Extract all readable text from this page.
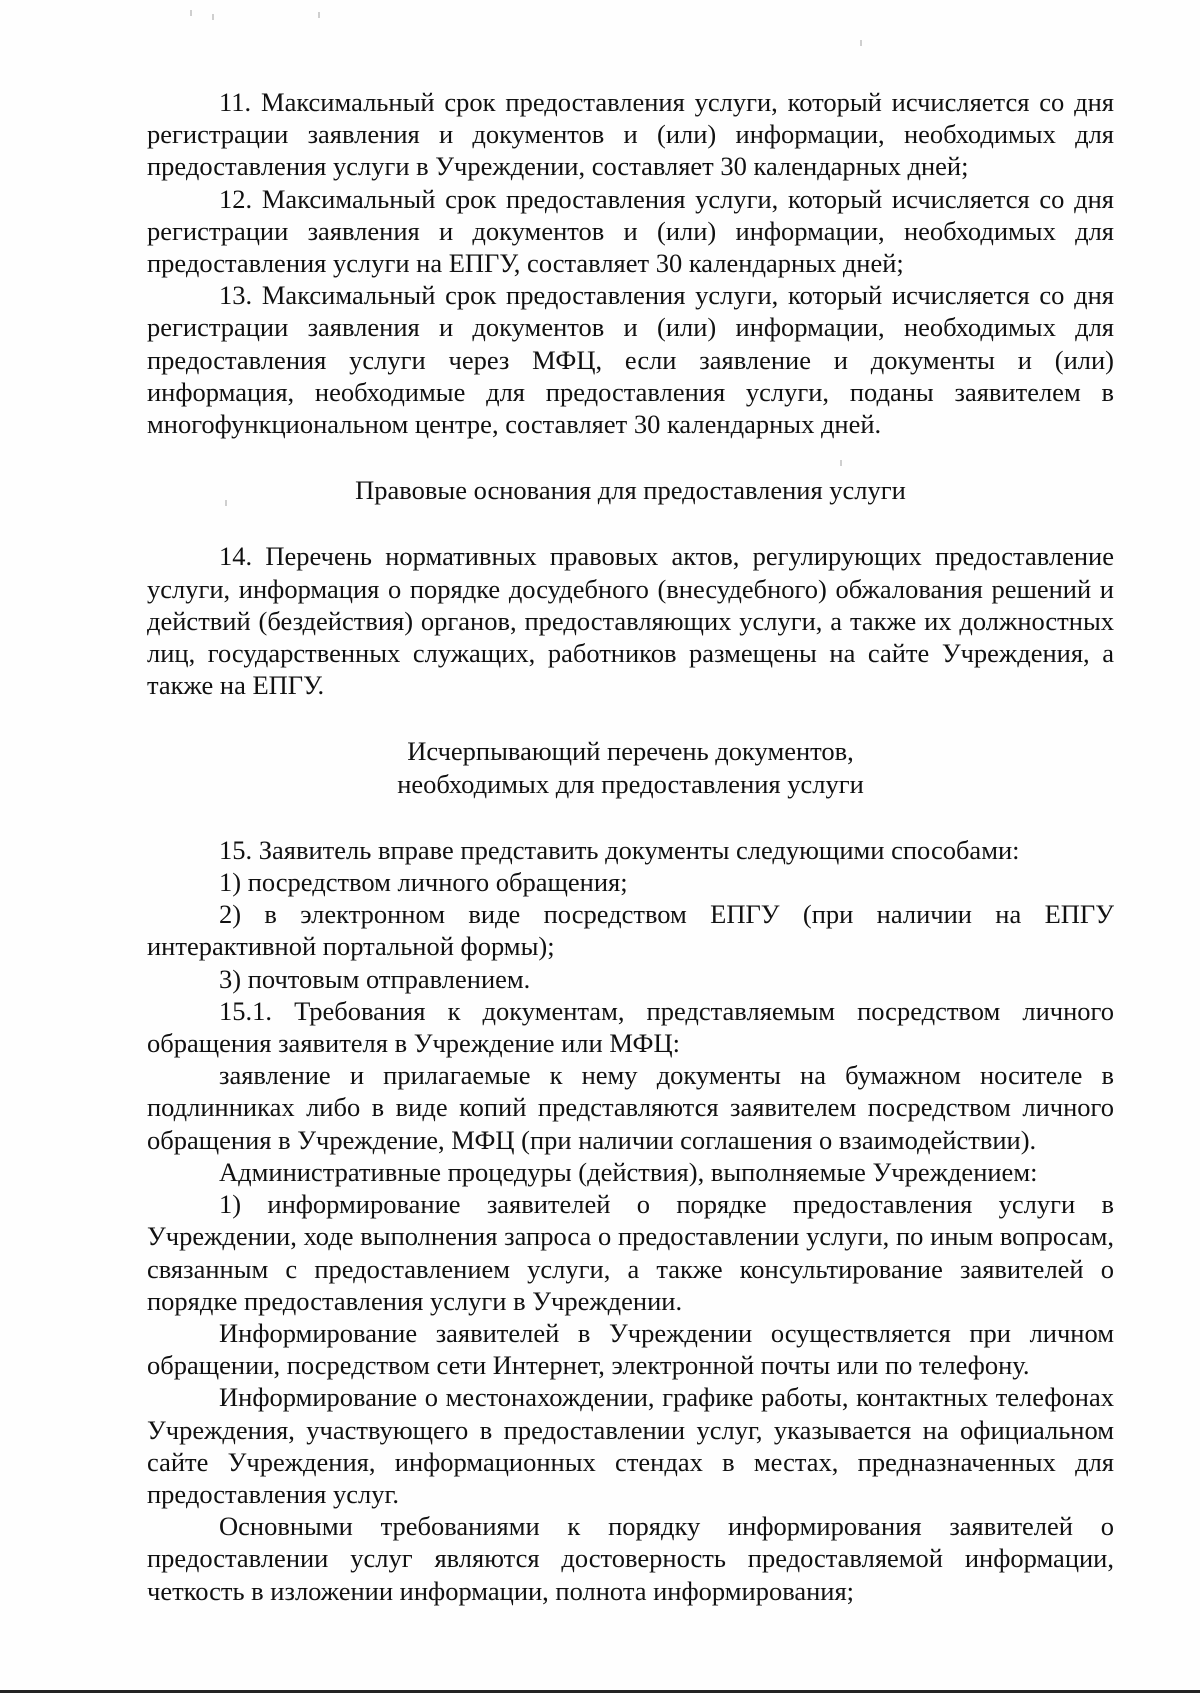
11. Максимальный срок предоставления услуги, который исчисляется со дня регистрации заявления и документов и (или) информации, необходимых для предоставления услуги в Учреждении, составляет 30 календарных дней;

12. Максимальный срок предоставления услуги, который исчисляется со дня регистрации заявления и документов и (или) информации, необходимых для предоставления услуги на ЕПГУ, составляет 30 календарных дней;

13. Максимальный срок предоставления услуги, который исчисляется со дня регистрации заявления и документов и (или) информации, необходимых для предоставления услуги через МФЦ, если заявление и документы и (или) информация, необходимые для предоставления услуги, поданы заявителем в многофункциональном центре, составляет 30 календарных дней.

Правовые основания для предоставления услуги

14. Перечень нормативных правовых актов, регулирующих предоставление услуги, информация о порядке досудебного (внесудебного) обжалования решений и действий (бездействия) органов, предоставляющих услуги, а также их должностных лиц, государственных служащих, работников размещены на сайте Учреждения, а также на ЕПГУ.

Исчерпывающий перечень документов,

необходимых для предоставления услуги

15. Заявитель вправе представить документы следующими способами:

1) посредством личного обращения;

2) в электронном виде посредством ЕПГУ (при наличии на ЕПГУ интерактивной портальной формы);

3) почтовым отправлением.

15.1. Требования к документам, представляемым посредством личного обращения заявителя в Учреждение или МФЦ:

заявление и прилагаемые к нему документы на бумажном носителе в подлинниках либо в виде копий представляются заявителем посредством личного обращения в Учреждение, МФЦ (при наличии соглашения о взаимодействии).

Административные процедуры (действия), выполняемые Учреждением:

1) информирование заявителей о порядке предоставления услуги в Учреждении, ходе выполнения запроса о предоставлении услуги, по иным вопросам, связанным с предоставлением услуги, а также консультирование заявителей о порядке предоставления услуги в Учреждении.

Информирование заявителей в Учреждении осуществляется при личном обращении, посредством сети Интернет, электронной почты или по телефону.

Информирование о местонахождении, графике работы, контактных телефонах Учреждения, участвующего в предоставлении услуг, указывается на официальном сайте Учреждения, информационных стендах в местах, предназначенных для предоставления услуг.

Основными требованиями к порядку информирования заявителей о предоставлении услуг являются достоверность предоставляемой информации, четкость в изложении информации, полнота информирования;
